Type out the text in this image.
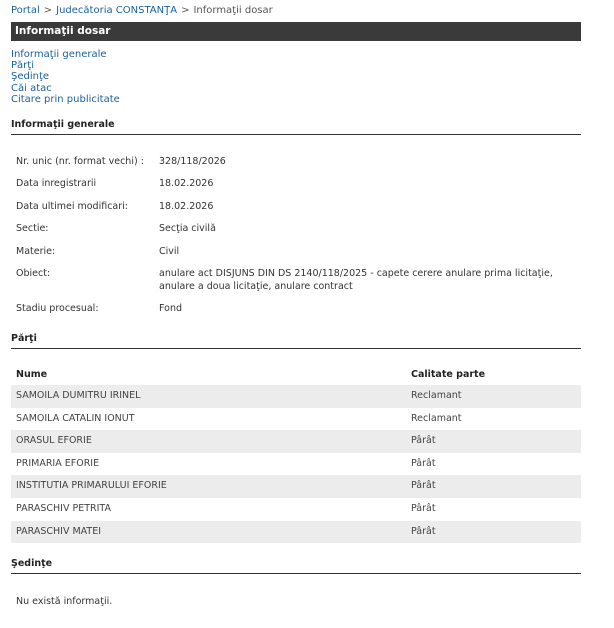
Portal > Judecătoria CONSTANŢA > Informaţii dosar
Informaţii dosar
Informaţii generale
Părţi
Şedinţe
Căi atac
Citare prin publicitate
Informaţii generale
Nr. unic (nr. format vechi) :	328/118/2026
Data inregistrarii	18.02.2026
Data ultimei modificari:	18.02.2026
Sectie:	Secţia civilă
Materie:	Civil
Obiect:	anulare act DISJUNS DIN DS 2140/118/2025 - capete cerere anulare prima licitaţie, anulare a doua licitaţie, anulare contract
Stadiu procesual:	Fond
Părţi
Nume	Calitate parte
SAMOILA DUMITRU IRINEL	Reclamant
SAMOILA CATALIN IONUT	Reclamant
ORASUL EFORIE	Pârât
PRIMARIA EFORIE	Pârât
INSTITUTIA PRIMARULUI EFORIE	Pârât
PARASCHIV PETRITA	Pârât
PARASCHIV MATEI	Pârât
Şedinţe
Nu există informaţii.
